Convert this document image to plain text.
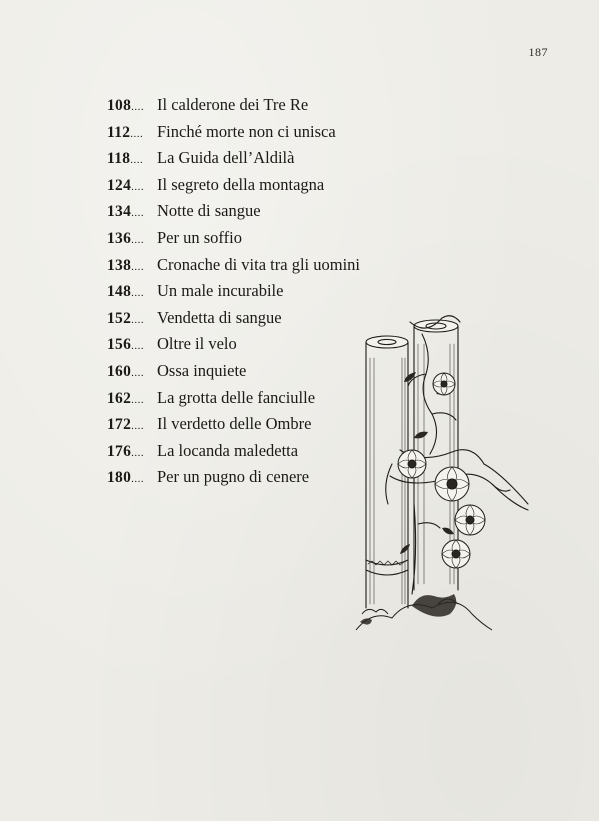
187
108.... Il calderone dei Tre Re
112.... Finché morte non ci unisca
118.... La Guida dell’Aldilà
124.... Il segreto della montagna
134.... Notte di sangue
136.... Per un soffio
138.... Cronache di vita tra gli uomini
148.... Un male incurabile
152.... Vendetta di sangue
156.... Oltre il velo
160.... Ossa inquiete
162.... La grotta delle fanciulle
172.... Il verdetto delle Ombre
176.... La locanda maledetta
180.... Per un pugno di cenere
